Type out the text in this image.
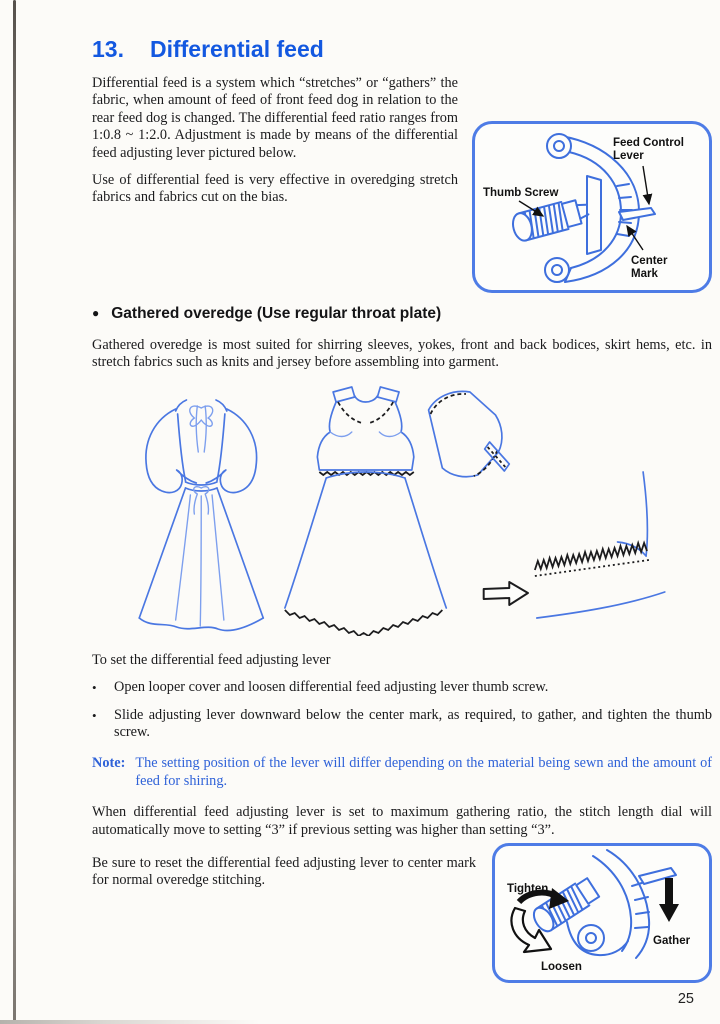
13. Differential feed
Feed Control
Lever
Thumb Screw
Center
Mark

Differential feed is a system which “stretches” or “gathers” the fabric, when amount of feed of front feed dog in relation to the rear feed dog is changed. The differential feed ratio ranges from 1:0.8 ~ 1:2.0. Adjustment is made by means of the differential feed adjusting lever pictured below.

Use of differential feed is very effective in overedging stretch fabrics and fabrics cut on the bias.

● Gathered overedge (Use regular throat plate)

Gathered overedge is most suited for shirring sleeves, yokes, front and back bodices, skirt hems, etc. in stretch fabrics such as knits and jersey before assembling into garment.

To set the differential feed adjusting lever

•	Open looper cover and loosen differential feed adjusting lever thumb screw.
•	Slide adjusting lever downward below the center mark, as required, to gather, and tighten the thumb screw.
Note: The setting position of the lever will differ depending on the material being sewn and the amount of feed for shiring.

When differential feed adjusting lever is set to maximum gathering ratio, the stitch length dial will automatically move to setting “3” if previous setting was higher than setting “3”.

Tighten
Loosen
Gather

Be sure to reset the differential feed adjusting lever to center mark for normal overedge stitching.

25
